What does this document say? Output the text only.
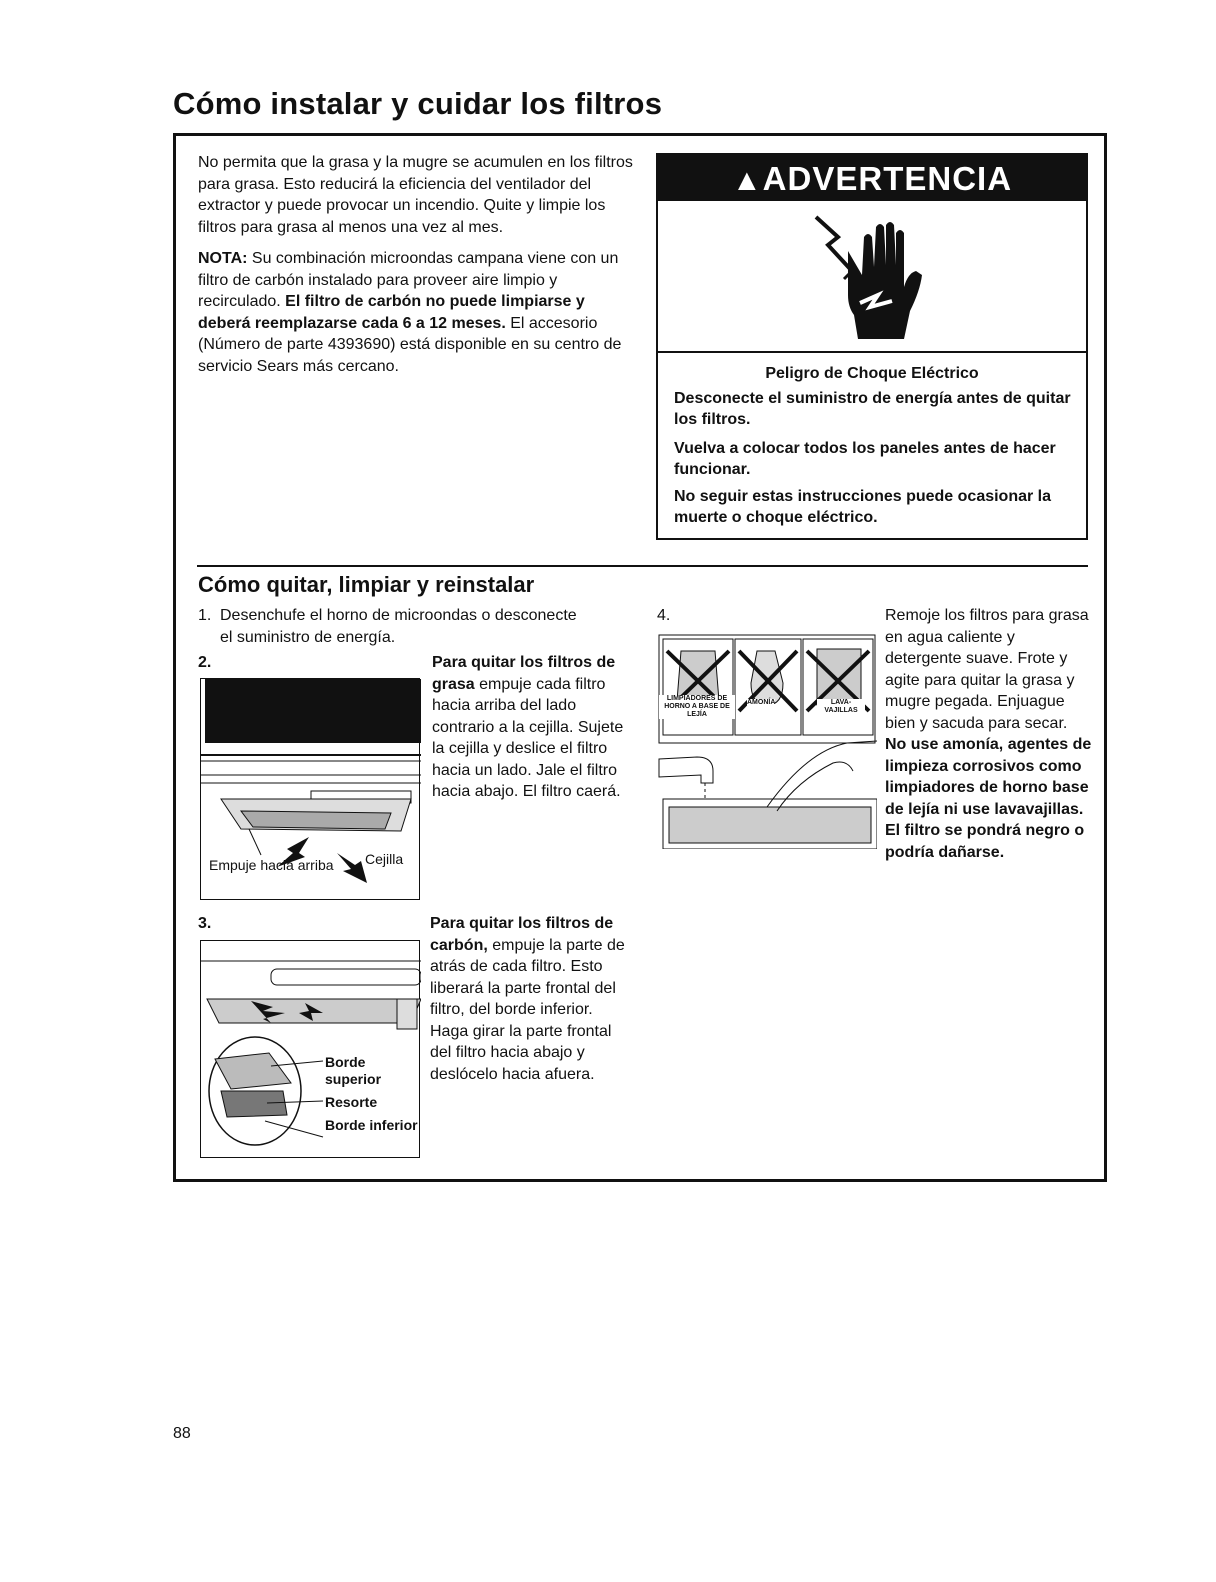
Cómo instalar y cuidar los filtros

No permita que la grasa y la mugre se acumulen en los filtros para grasa. Esto reducirá la eficiencia del ventilador del extractor y puede provocar un incendio. Quite y limpie los filtros para grasa al menos una vez al mes.

NOTA: Su combinación microondas campana viene con un filtro de carbón instalado para proveer aire limpio y recirculado. El filtro de carbón no puede limpiarse y deberá reemplazarse cada 6 a 12 meses. El accesorio (Número de parte 4393690) está disponible en su centro de servicio Sears más cercano.

▲ADVERTENCIA
Peligro de Choque Eléctrico
Desconecte el suministro de energía antes de quitar los filtros.
Vuelva a colocar todos los paneles antes de hacer funcionar.
No seguir estas instrucciones puede ocasionar la muerte o choque eléctrico.
Cómo quitar, limpiar y reinstalar
1. Desenchufe el horno de microondas o desconecte el suministro de energía.
2.	Para quitar los filtros de grasa empuje cada filtro hacia arriba del lado contrario a la cejilla. Sujete la cejilla y deslice el filtro hacia un lado. Jale el filtro hacia abajo. El filtro caerá.

Empuje hacia arriba Cejilla
3.	Para quitar los filtros de carbón, empuje la parte de atrás de cada filtro. Esto liberará la parte frontal del filtro, del borde inferior. Haga girar la parte frontal del filtro hacia abajo y deslócelo hacia afuera.

Borde superior
Resorte
Borde inferior
4.	Remoje los filtros para grasa en agua caliente y detergente suave. Frote y agite para quitar la grasa y mugre pegada. Enjuague bien y sacuda para secar. No use amonía, agentes de limpieza corrosivos como limpiadores de horno base de lejía ni use lavavajillas. El filtro se pondrá negro o podría dañarse.

LIMPIADORES DE HORNO A BASE DE LEJÍA
AMONÍA	LAVA-VAJILLAS
88
